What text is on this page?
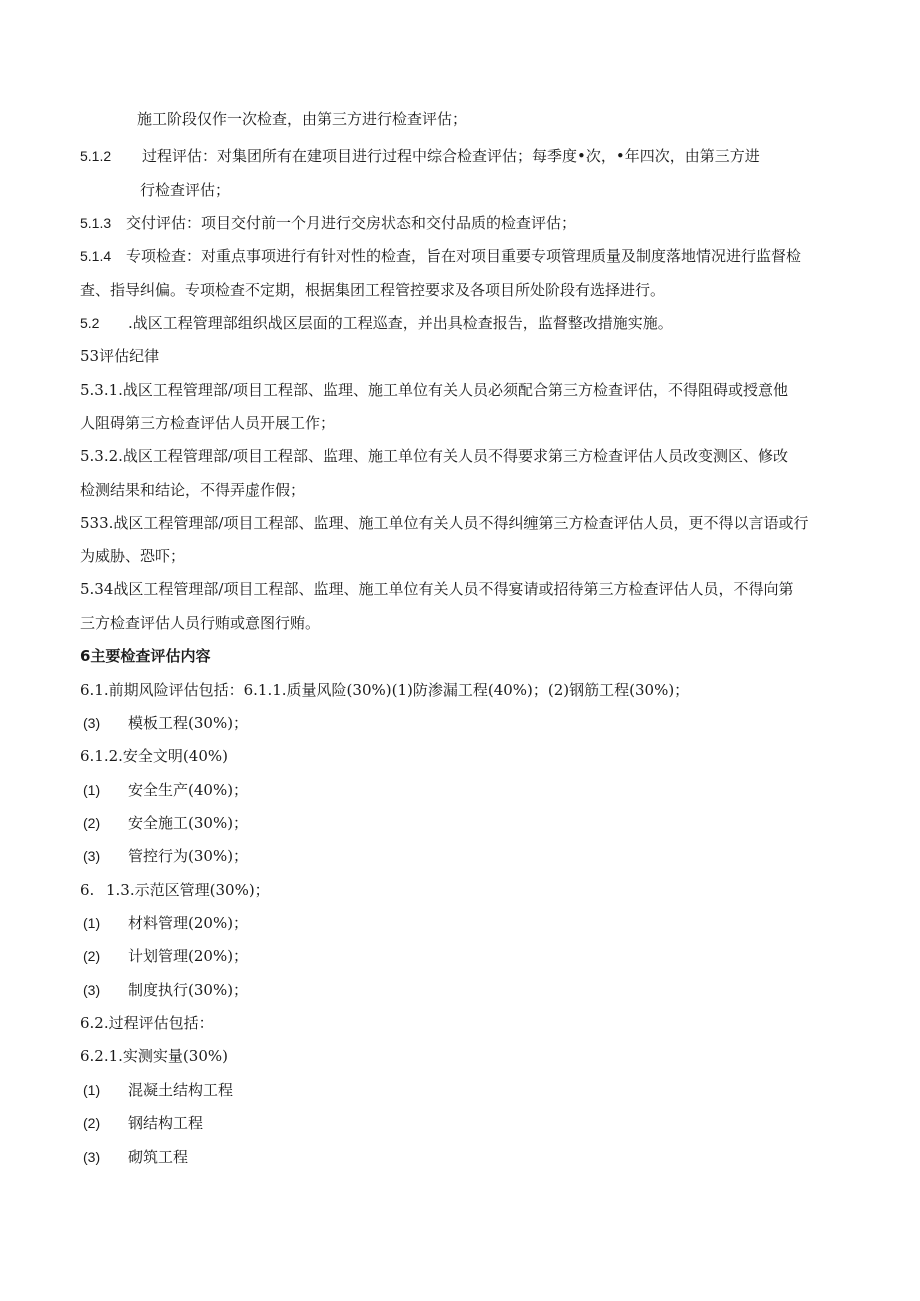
施工阶段仅作一次检查，由第三方进行检查评估；
5.1.2 过程评估：对集团所有在建项目进行过程中综合检查评估；每季度•次，•年四次，由第三方进
行检查评估；
5.1.3 交付评估：项目交付前一个月进行交房状态和交付品质的检查评估；
5.1.4 专项检查：对重点事项进行有针对性的检查，旨在对项目重要专项管理质量及制度落地情况进行监督检
查、指导纠偏。专项检查不定期，根据集团工程管控要求及各项目所处阶段有选择进行。
5.2 .战区工程管理部组织战区层面的工程巡查，并出具检查报告，监督整改措施实施。
53评估纪律
5.3.1.战区工程管理部/项目工程部、监理、施工单位有关人员必须配合第三方检查评估，不得阻碍或授意他
人阻碍第三方检查评估人员开展工作；
5.3.2.战区工程管理部/项目工程部、监理、施工单位有关人员不得要求第三方检查评估人员改变测区、修改
检测结果和结论，不得弄虚作假；
533.战区工程管理部/项目工程部、监理、施工单位有关人员不得纠缠第三方检查评估人员，更不得以言语或行
为威胁、恐吓；
5.34战区工程管理部/项目工程部、监理、施工单位有关人员不得宴请或招待第三方检查评估人员，不得向第
三方检查评估人员行贿或意图行贿。
6主要检查评估内容
6.1.前期风险评估包括：6.1.1.质量风险(30%)(1)防渗漏工程(40%)；(2)钢筋工程(30%)；
(3) 模板工程(30%)；
6.1.2.安全文明(40%)
(1) 安全生产(40%)；
(2) 安全施工(30%)；
(3) 管控行为(30%)；
6. 1.3.示范区管理(30%)；
(1) 材料管理(20%)；
(2) 计划管理(20%)；
(3) 制度执行(30%)；
6.2.过程评估包括：
6.2.1.实测实量(30%)
(1) 混凝土结构工程
(2) 钢结构工程
(3) 砌筑工程
